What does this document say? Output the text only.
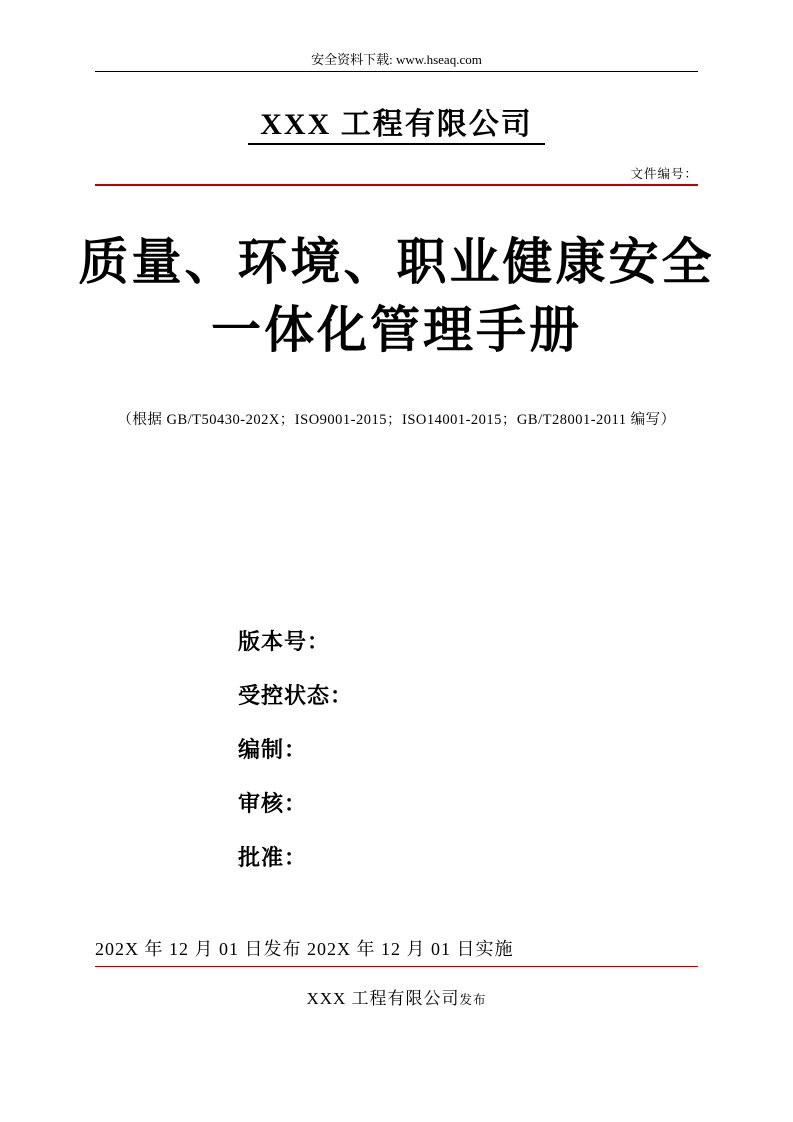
安全资料下载: www.hseaq.com
XXX 工程有限公司
文件编号：
质量、环境、职业健康安全
一体化管理手册
（根据 GB/T50430-202X；ISO9001-2015；ISO14001-2015；GB/T28001-2011 编写）
版本号：
受控状态：
编制：
审核：
批准：
202X 年 12 月 01 日发布 202X 年 12 月 01 日实施
XXX 工程有限公司发布
